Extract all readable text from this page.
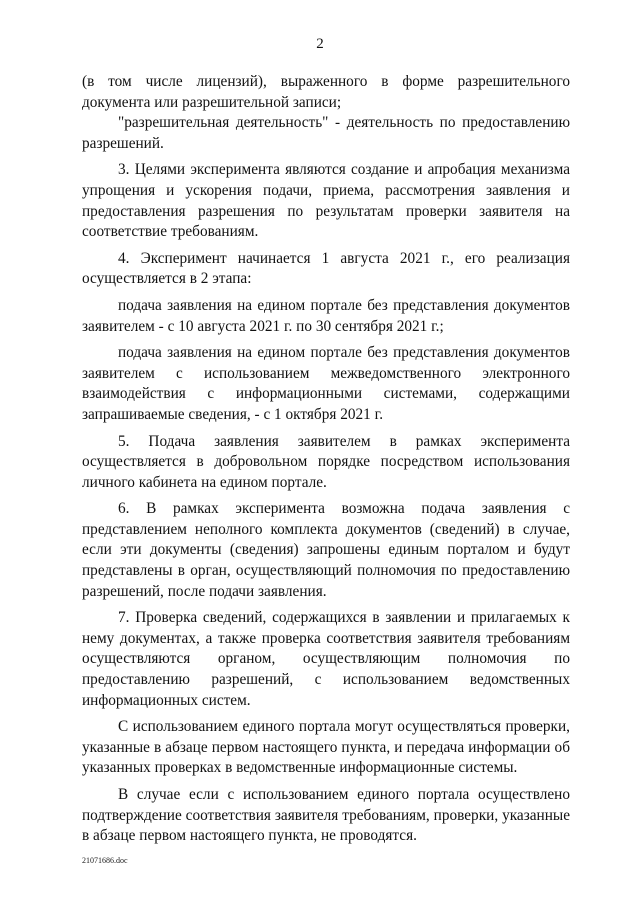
2

(в том числе лицензий), выраженного в форме разрешительного документа или разрешительной записи;

"разрешительная деятельность" - деятельность по предоставлению разрешений.

3. Целями эксперимента являются создание и апробация механизма упрощения и ускорения подачи, приема, рассмотрения заявления и предоставления разрешения по результатам проверки заявителя на соответствие требованиям.

4. Эксперимент начинается 1 августа 2021 г., его реализация осуществляется в 2 этапа:

подача заявления на едином портале без представления документов заявителем - с 10 августа 2021 г. по 30 сентября 2021 г.;

подача заявления на едином портале без представления документов заявителем с использованием межведомственного электронного взаимодействия с информационными системами, содержащими запрашиваемые сведения, - с 1 октября 2021 г.

5. Подача заявления заявителем в рамках эксперимента осуществляется в добровольном порядке посредством использования личного кабинета на едином портале.

6. В рамках эксперимента возможна подача заявления с представлением неполного комплекта документов (сведений) в случае, если эти документы (сведения) запрошены единым порталом и будут представлены в орган, осуществляющий полномочия по предоставлению разрешений, после подачи заявления.

7. Проверка сведений, содержащихся в заявлении и прилагаемых к нему документах, а также проверка соответствия заявителя требованиям осуществляются органом, осуществляющим полномочия по предоставлению разрешений, с использованием ведомственных информационных систем.

С использованием единого портала могут осуществляться проверки, указанные в абзаце первом настоящего пункта, и передача информации об указанных проверках в ведомственные информационные системы.

В случае если с использованием единого портала осуществлено подтверждение соответствия заявителя требованиям, проверки, указанные в абзаце первом настоящего пункта, не проводятся.

21071686.doc
